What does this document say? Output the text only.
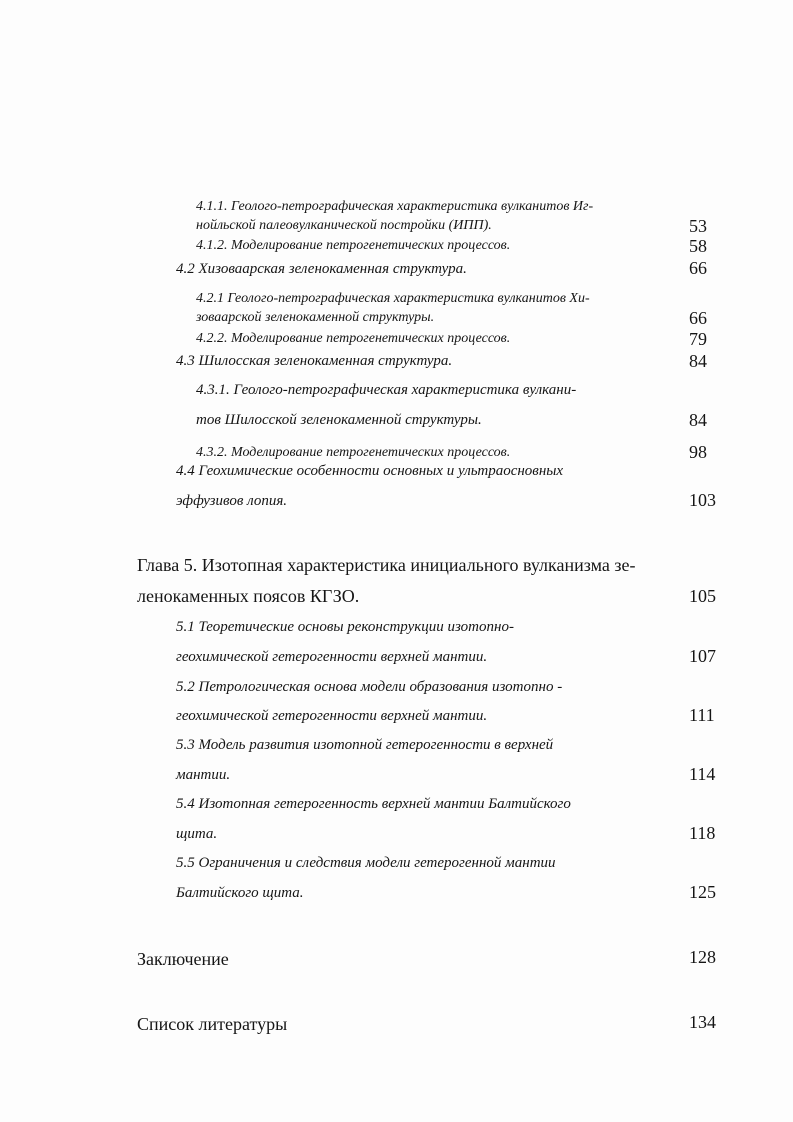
4.1.1. Геолого-петрографическая характеристика вулканитов Иг-
нойльской палеовулканической постройки (ИПП).	53
4.1.2. Моделирование петрогенетических процессов.	58
4.2 Хизоваарская зеленокаменная структура.	66
4.2.1 Геолого-петрографическая характеристика вулканитов Хи-
зоваарской зеленокаменной структуры.	66
4.2.2. Моделирование петрогенетических процессов.	79
4.3 Шилосская зеленокаменная структура.	84
4.3.1. Геолого-петрографическая характеристика вулкани-
тов Шилосской зеленокаменной структуры.	84
4.3.2. Моделирование петрогенетических процессов.	98
4.4 Геохимические особенности основных и ультраосновных
эффузивов лопия.	103
Глава 5. Изотопная характеристика инициального вулканизма зе-
ленокаменных поясов КГЗО.	105
5.1 Теоретические основы реконструкции изотопно-
геохимической гетерогенности верхней мантии.	107
5.2 Петрологическая основа модели образования изотопно -
геохимической гетерогенности верхней мантии.	111
5.3 Модель развития изотопной гетерогенности в верхней
мантии.	114
5.4 Изотопная гетерогенность верхней мантии Балтийского
щита.	118
5.5 Ограничения и следствия модели гетерогенной мантии
Балтийского щита.	125
Заключение	128
Список литературы	134
